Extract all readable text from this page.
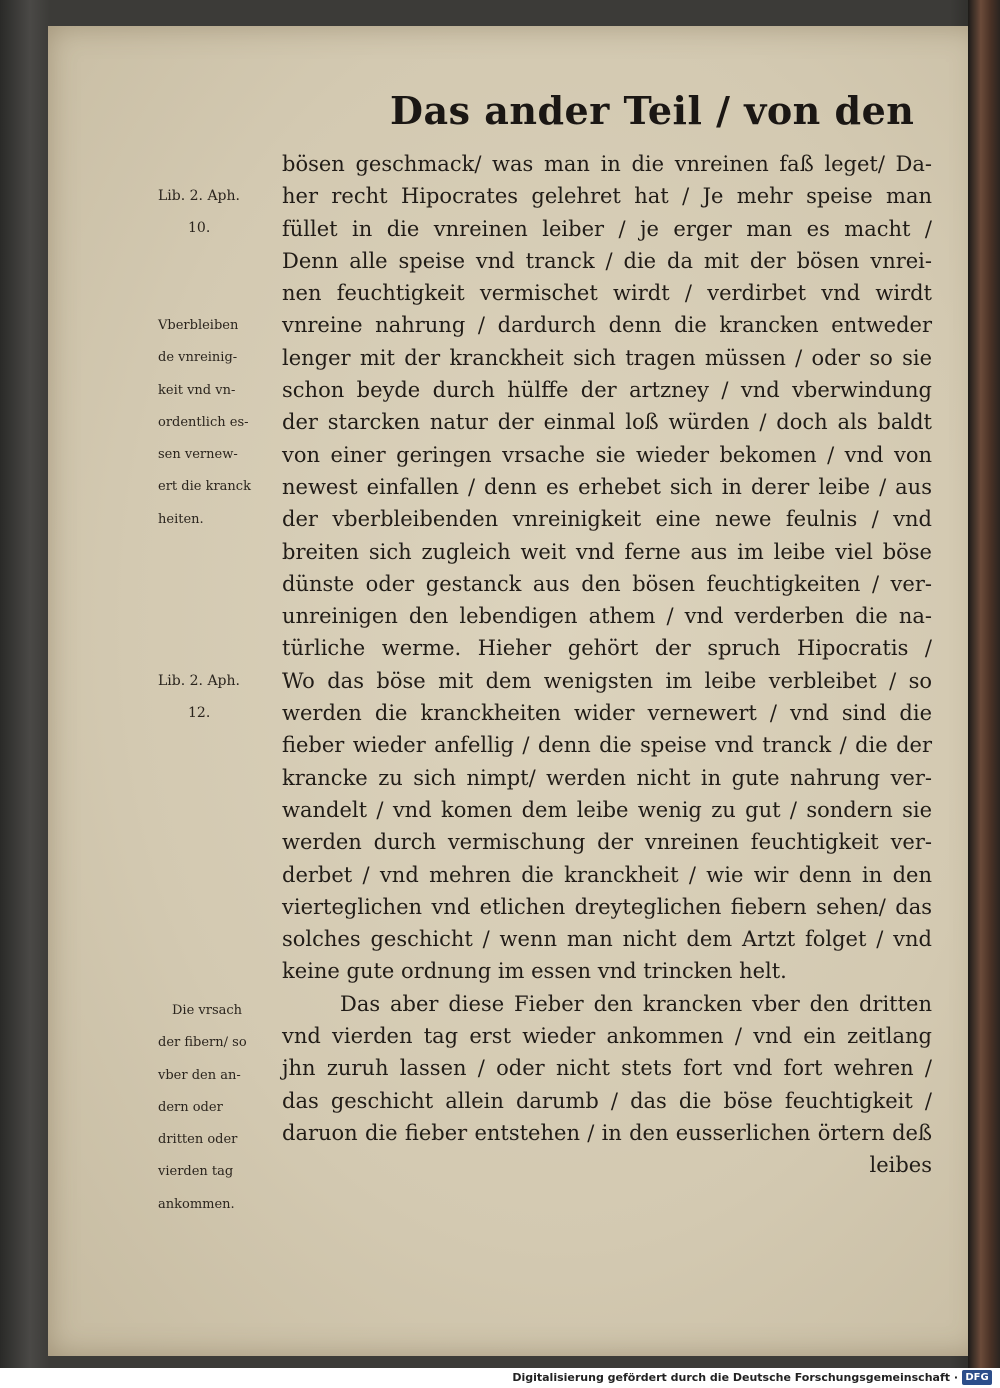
Das ander Teil / von den
Lib. 2. Aph.
10.
Vberbleiben
de vnreinig-
keit vnd vn-
ordentlich es-
sen vernew-
ert die kranck
heiten.
Lib. 2. Aph.
12.
Die vrsach
der fibern/ so
vber den an-
dern oder
dritten oder
vierden tag
ankommen.
bösen geschmack/ was man in die vnreinen faß leget/ Da-
her recht Hipocrates gelehret hat / Je mehr speise man
füllet in die vnreinen leiber / je erger man es macht /
Denn alle speise vnd tranck / die da mit der bösen vnrei-
nen feuchtigkeit vermischet wirdt / verdirbet vnd wirdt
vnreine nahrung / dardurch denn die krancken entweder
lenger mit der kranckheit sich tragen müssen / oder so sie
schon beyde durch hülffe der artzney / vnd vberwindung
der starcken natur der einmal loß würden / doch als baldt
von einer geringen vrsache sie wieder bekomen / vnd von
newest einfallen / denn es erhebet sich in derer leibe / aus
der vberbleibenden vnreinigkeit eine newe feulnis / vnd
breiten sich zugleich weit vnd ferne aus im leibe viel böse
dünste oder gestanck aus den bösen feuchtigkeiten / ver-
unreinigen den lebendigen athem / vnd verderben die na-
türliche werme. Hieher gehört der spruch Hipocratis /
Wo das böse mit dem wenigsten im leibe verbleibet / so
werden die kranckheiten wider vernewert / vnd sind die
fieber wieder anfellig / denn die speise vnd tranck / die der
krancke zu sich nimpt/ werden nicht in gute nahrung ver-
wandelt / vnd komen dem leibe wenig zu gut / sondern sie
werden durch vermischung der vnreinen feuchtigkeit ver-
derbet / vnd mehren die kranckheit / wie wir denn in den
vierteglichen vnd etlichen dreyteglichen fiebern sehen/ das
solches geschicht / wenn man nicht dem Artzt folget / vnd
keine gute ordnung im essen vnd trincken helt.
Das aber diese Fieber den krancken vber den dritten
vnd vierden tag erst wieder ankommen / vnd ein zeitlang
jhn zuruh lassen / oder nicht stets fort vnd fort wehren /
das geschicht allein darumb / das die böse feuchtigkeit /
daruon die fieber entstehen / in den eusserlichen örtern deß
leibes
Digitalisierung gefördert durch die Deutsche Forschungsgemeinschaft · DFG
